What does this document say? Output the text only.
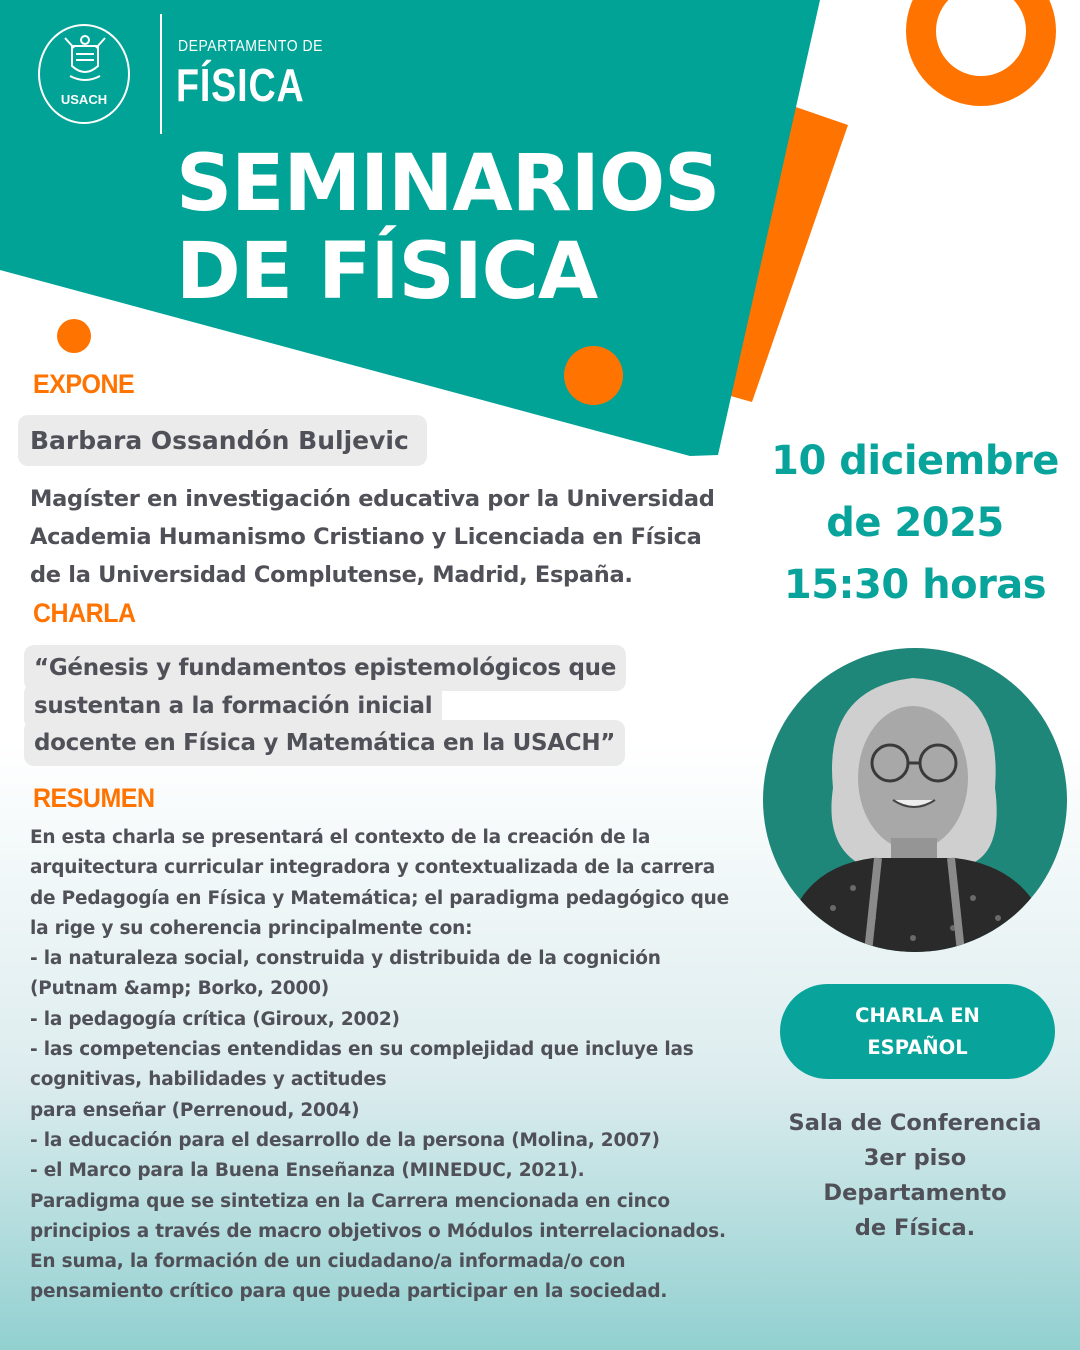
USACH
DEPARTAMENTO DE
FÍSICA
SEMINARIOS
DE FÍSICA
EXPONE
Barbara Ossandón Buljevic
Magíster en investigación educativa por la Universidad
Academia Humanismo Cristiano y Licenciada en Física
de la Universidad Complutense, Madrid, España.
CHARLA
“Génesis y fundamentos epistemológicos que
sustentan a la formación inicial
docente en Física y Matemática en la USACH”
RESUMEN
En esta charla se presentará el contexto de la creación de la
arquitectura curricular integradora y contextualizada de la carrera
de Pedagogía en Física y Matemática; el paradigma pedagógico que
la rige y su coherencia principalmente con:
- la naturaleza social, construida y distribuida de la cognición
(Putnam &amp; Borko, 2000)
- la pedagogía crítica (Giroux, 2002)
- las competencias entendidas en su complejidad que incluye las
cognitivas, habilidades y actitudes
para enseñar (Perrenoud, 2004)
- la educación para el desarrollo de la persona (Molina, 2007)
- el Marco para la Buena Enseñanza (MINEDUC, 2021).
Paradigma que se sintetiza en la Carrera mencionada en cinco
principios a través de macro objetivos o Módulos interrelacionados.
En suma, la formación de un ciudadano/a informada/o con
pensamiento crítico para que pueda participar en la sociedad.
10 diciembre
de 2025
15:30 horas
CHARLA EN
ESPAÑOL
Sala de Conferencia
3er piso
Departamento
de Física.
